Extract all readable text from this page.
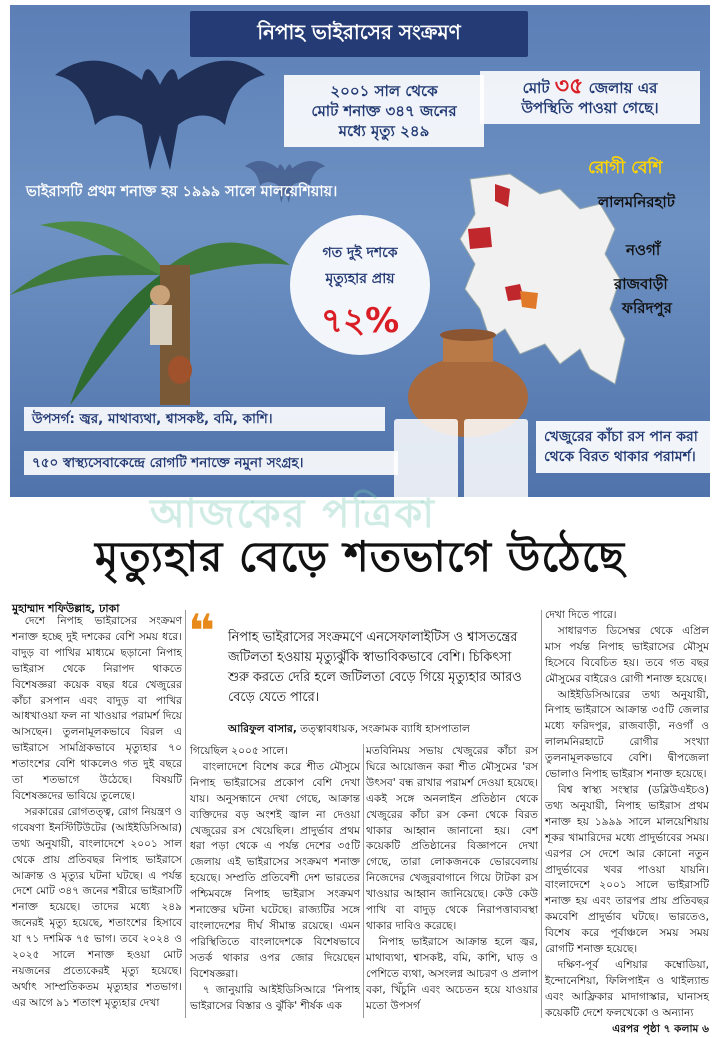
নিপাহ ভাইরাসের সংক্রমণ
২০০১ সাল থেকে
মোট শনাক্ত ৩৪৭ জনের
মধ্যে মৃত্যু ২৪৯
মোট ৩৫ জেলায় এর
উপস্থিতি পাওয়া গেছে।
ভাইরাসটি প্রথম শনাক্ত হয় ১৯৯৯ সালে মালয়েশিয়ায়।
রোগী বেশি
লালমনিরহাট
নওগাঁ
রাজবাড়ী
ফরিদপুর
গত দুই দশকে
মৃত্যুহার প্রায়
৭২%
উপসর্গ: জ্বর, মাথাব্যথা, শ্বাসকষ্ট, বমি, কাশি।
৭৫০ স্বাস্থ্যসেবাকেন্দ্রে রোগটি শনাক্তে নমুনা সংগ্রহ।
খেজুরের কাঁচা রস পান করা থেকে বিরত থাকার পরামর্শ।
আজকের পত্রিকা
মৃত্যুহার বেড়ে শতভাগে উঠেছে
মুহাম্মাদ শফিউল্লাহ, ঢাকা

দেশে নিপাহ ভাইরাসের সংক্রমণ শনাক্ত হচ্ছে দুই দশকের বেশি সময় ধরে। বাদুড় বা পাখির মাধ্যমে ছড়ানো নিপাহ ভাইরাস থেকে নিরাপদ থাকতে বিশেষজ্ঞরা কয়েক বছর ধরে খেজুরের কাঁচা রসপান এবং বাদুড় বা পাখির আধখাওয়া ফল না খাওয়ার পরামর্শ দিয়ে আসছেন। তুলনামূলকভাবে বিরল এ ভাইরাসে সামগ্রিকভাবে মৃত্যুহার ৭০ শতাংশের বেশি থাকলেও গত দুই বছরে তা শতভাগে উঠেছে। বিষয়টি বিশেষজ্ঞদের ভাবিয়ে তুলেছে।

সরকারের রোগতত্ত্ব, রোগ নিয়ন্ত্রণ ও গবেষণা ইনস্টিটিউটের (আইইডিসিআর) তথ্য অনুযায়ী, বাংলাদেশে ২০০১ সাল থেকে প্রায় প্রতিবছর নিপাহ ভাইরাসে আক্রান্ত ও মৃত্যুর ঘটনা ঘটছে। এ পর্যন্ত দেশে মোট ৩৪৭ জনের শরীরে ভাইরাসটি শনাক্ত হয়েছে। তাদের মধ্যে ২৪৯ জনেরই মৃত্যু হয়েছে, শতাংশের হিসাবে যা ৭১ দশমিক ৭৫ ভাগ। তবে ২০২৪ ও ২০২৫ সালে শনাক্ত হওয়া মোট নয়জনের প্রত্যেকেরই মৃত্যু হয়েছে। অর্থাৎ সাম্প্রতিকতম মৃত্যুহার শতভাগ। এর আগে ৯১ শতাংশ মৃত্যুহার দেখা

❝ নিপাহ ভাইরাসের সংক্রমণে এনসেফালাইটিস ও শ্বাসতন্ত্রের জটিলতা হওয়ায় মৃত্যুঝুঁকি স্বাভাবিকভাবে বেশি। চিকিৎসা শুরু করতে দেরি হলে জটিলতা বেড়ে গিয়ে মৃত্যুহার আরও বেড়ে যেতে পারে।
আরিফুল বাসার, তত্ত্বাবধায়ক, সংক্রামক ব্যাধি হাসপাতাল

গিয়েছিল ২০০৫ সালে।

বাংলাদেশে বিশেষ করে শীত মৌসুমে নিপাহ ভাইরাসের প্রকোপ বেশি দেখা যায়। অনুসন্ধানে দেখা গেছে, আক্রান্ত ব্যক্তিদের বড় অংশই জ্বাল না দেওয়া খেজুরের রস খেয়েছিল। প্রাদুর্ভাব প্রথম ধরা পড়া থেকে এ পর্যন্ত দেশের ৩৫টি জেলায় এই ভাইরাসের সংক্রমণ শনাক্ত হয়েছে। সম্প্রতি প্রতিবেশী দেশ ভারতের পশ্চিমবঙ্গে নিপাহ ভাইরাস সংক্রমণ শনাক্তের ঘটনা ঘটেছে। রাজ্যটির সঙ্গে বাংলাদেশের দীর্ঘ সীমান্ত রয়েছে। এমন পরিস্থিতিতে বাংলাদেশকে বিশেষভাবে সতর্ক থাকার ওপর জোর দিয়েছেন বিশেষজ্ঞরা।

৭ জানুয়ারি আইইডিসিআরে 'নিপাহ ভাইরাসের বিস্তার ও ঝুঁকি' শীর্ষক এক

মতবিনিময় সভায় খেজুরের কাঁচা রস ঘিরে আয়োজন করা শীত মৌসুমের 'রস উৎসব' বন্ধ রাখার পরামর্শ দেওয়া হয়েছে। একই সঙ্গে অনলাইন প্রতিষ্ঠান থেকে খেজুরের কাঁচা রস কেনা থেকে বিরত থাকার আহ্বান জানানো হয়। বেশ কয়েকটি প্রতিষ্ঠানের বিজ্ঞাপনে দেখা গেছে, তারা লোকজনকে ভোরবেলায় নিজেদের খেজুরবাগানে গিয়ে টাটকা রস খাওয়ার আহ্বান জানিয়েছে। কেউ কেউ পাখি বা বাদুড় থেকে নিরাপত্তাব্যবস্থা থাকার দাবিও করেছে।

নিপাহ ভাইরাসে আক্রান্ত হলে জ্বর, মাথাব্যথা, শ্বাসকষ্ট, বমি, কাশি, ঘাড় ও পেশিতে ব্যথা, অসংলগ্ন আচরণ ও প্রলাপ বকা, খিঁচুনি এবং অচেতন হয়ে যাওয়ার মতো উপসর্গ

দেখা দিতে পারে।

সাধারণত ডিসেম্বর থেকে এপ্রিল মাস পর্যন্ত নিপাহ ভাইরাসের মৌসুম হিসেবে বিবেচিত হয়। তবে গত বছর মৌসুমের বাইরেও রোগী শনাক্ত হয়েছে।

আইইডিসিআরের তথ্য অনুযায়ী, নিপাহ ভাইরাসে আক্রান্ত ৩৫টি জেলার মধ্যে ফরিদপুর, রাজবাড়ী, নওগাঁ ও লালমনিরহাটে রোগীর সংখ্যা তুলনামূলকভাবে বেশি। দ্বীপজেলা ভোলাও নিপাহ ভাইরাস শনাক্ত হয়েছে।

বিশ্ব স্বাস্থ্য সংস্থার (ডব্লিউএইচও) তথ্য অনুযায়ী, নিপাহ ভাইরাস প্রথম শনাক্ত হয় ১৯৯৯ সালে মালয়েশিয়ায় শূকর খামারিদের মধ্যে প্রাদুর্ভাবের সময়। এরপর সে দেশে আর কোনো নতুন প্রাদুর্ভাবের খবর পাওয়া যায়নি। বাংলাদেশে ২০০১ সালে ভাইরাসটি শনাক্ত হয় এবং তারপর প্রায় প্রতিবছর কমবেশি প্রাদুর্ভাব ঘটছে। ভারতেও, বিশেষ করে পূর্বাঞ্চলে সময় সময় রোগটি শনাক্ত হয়েছে।

দক্ষিণ-পূর্ব এশিয়ার কম্বোডিয়া, ইন্দোনেশিয়া, ফিলিপাইন ও থাইল্যান্ড এবং আফ্রিকার মাদাগাস্কার, ঘানাসহ কয়েকটি দেশে ফলখেকো ও অন্যান্য

এরপর পৃষ্ঠা ৭ কলাম ৬
